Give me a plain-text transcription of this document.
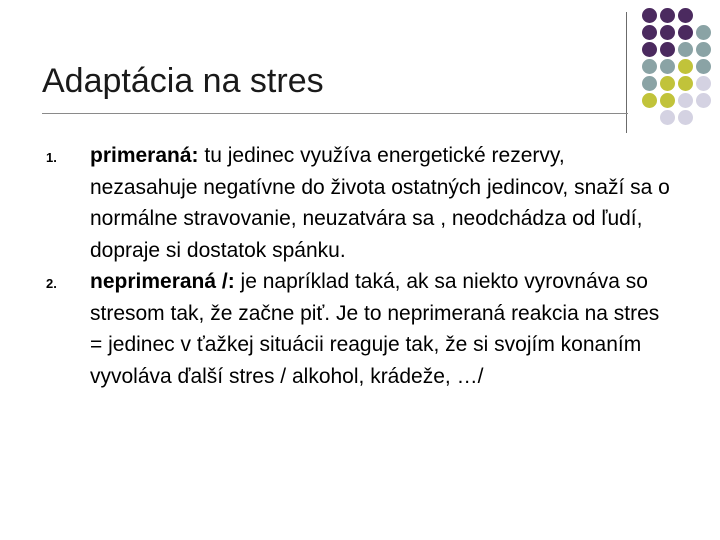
Adaptácia na stres
1. primeraná: tu jedinec využíva energetické rezervy, nezasahuje negatívne do života ostatných jedincov, snaží sa o normálne stravovanie, neuzatvára sa , neodchádza od ľudí, dopraje si dostatok spánku.
2. neprimeraná /: je napríklad taká, ak sa niekto vyrovnáva so stresom tak, že začne piť. Je to neprimeraná reakcia na stres = jedinec v ťažkej situácii reaguje tak, že si svojím konaním vyvoláva ďalší stres / alkohol, krádeže, …/
